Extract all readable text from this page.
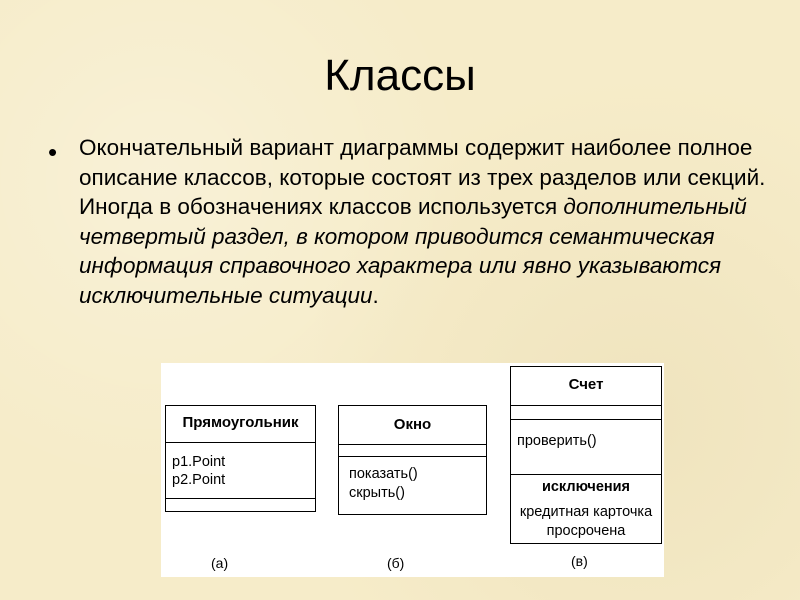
Классы
• Окончательный вариант диаграммы содержит наиболее полное описание классов, которые состоят из трех разделов или секций. Иногда в обозначениях классов используется дополнительный четвертый раздел, в котором приводится семантическая информация справочного характера или явно указываются исключительные ситуации.
Прямоугольник
p1.Point
p2.Point
(а)
Окно
показать()
скрыть()
(б)
Счет
проверить()
исключения
кредитная карточка
просрочена
(в)
